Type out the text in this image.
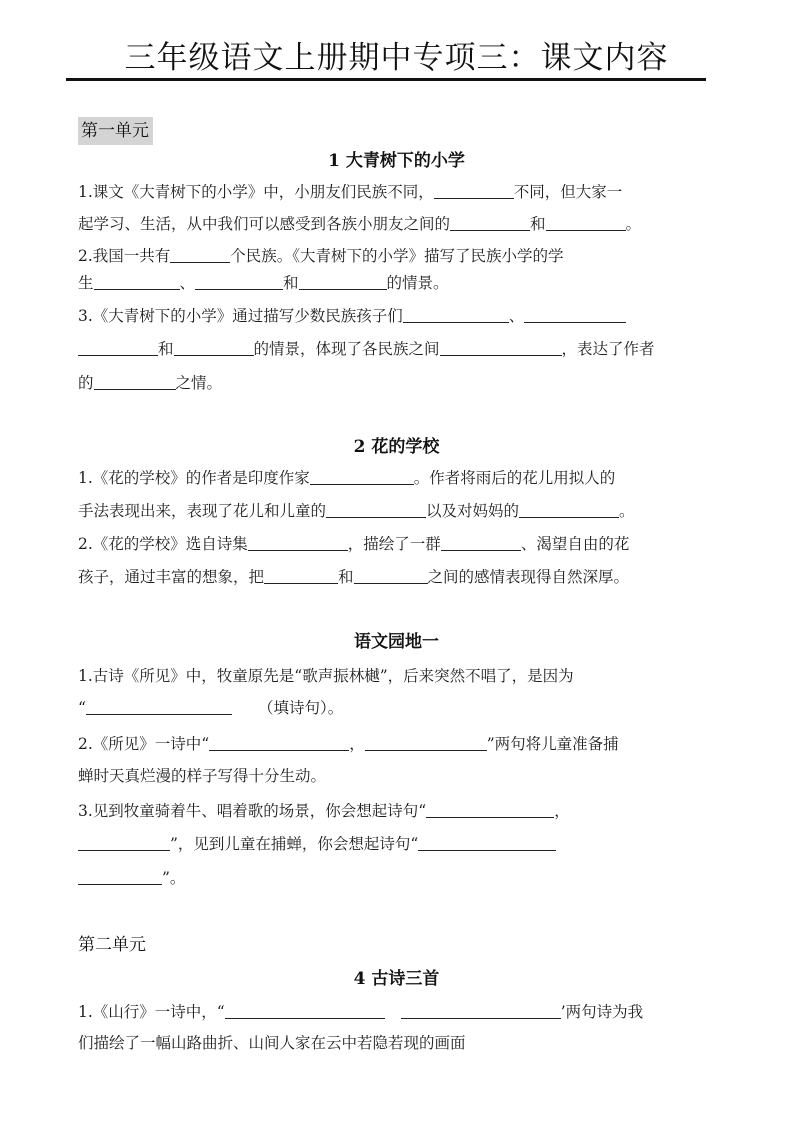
三年级语文上册期中专项三：课文内容
第一单元
1 大青树下的小学
1.课文《大青树下的小学》中，小朋友们民族不同，	不同，但大家一
起学习、生活，从中我们可以感受到各族小朋友之间的	和	。
2.我国一共有	个民族。《大青树下的小学》描写了民族小学的学
生	、	和	的情景。
3.《大青树下的小学》通过描写少数民族孩子们	、
和	的情景，体现了各民族之间	，表达了作者
的	之情。
2 花的学校
1.《花的学校》的作者是印度作家	。作者将雨后的花儿用拟人的
手法表现出来，表现了花儿和儿童的	以及对妈妈的	。
2.《花的学校》选自诗集	，描绘了一群	、渴望自由的花
孩子，通过丰富的想象，把	和	之间的感情表现得自然深厚。
语文园地一
1.古诗《所见》中，牧童原先是“歌声振林樾”，后来突然不唱了，是因为
“	（填诗句）。
2.《所见》一诗中“	，	”两句将儿童准备捕
蝉时天真烂漫的样子写得十分生动。
3.见到牧童骑着牛、唱着歌的场景，你会想起诗句“	，
”，见到儿童在捕蝉，你会想起诗句“
”。
第二单元
4 古诗三首
1.《山行》一诗中，“	’两句诗为我
们描绘了一幅山路曲折、山间人家在云中若隐若现的画面
